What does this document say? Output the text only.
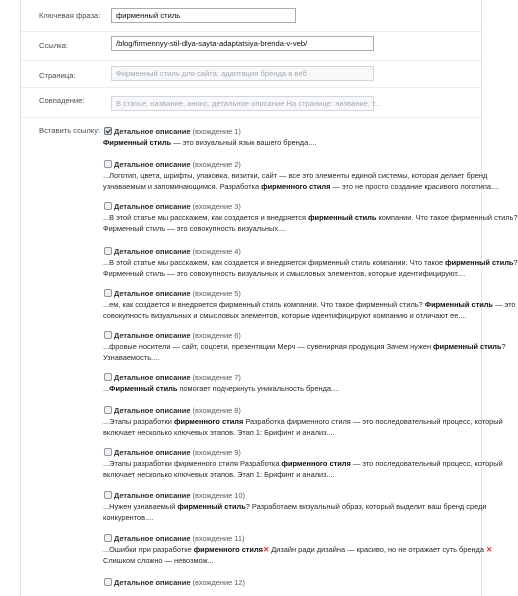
Ключевая фраза:	фирменный стиль
Ссылка:	/blog/firmennyy-stil-dlya-sayta-adaptatsiya-brenda-v-veb/
Страница:	Фирменный стиль для сайта: адаптация бренда в веб
Совпадение:	В статье: название, анонс, детальное описание На странице: название, т...
Вставить ссылку:	Детальное описание (вхождение 1)
Фирменный стиль — это визуальный язык вашего бренда....
Детальное описание (вхождение 2)
...Логотип, цвета, шрифты, упаковка, визитки, сайт — все это элементы единой системы, которая делает бренд
узнаваемым и запоминающимся. Разработка фирменного стиля — это не просто создание красивого логотипа....
Детальное описание (вхождение 3)
...В этой статье мы расскажем, как создается и внедряется фирменный стиль компании. Что такое фирменный стиль?
Фирменный стиль — это совокупность визуальных....
Детальное описание (вхождение 4)
...В этой статье мы расскажем, как создается и внедряется фирменный стиль компании. Что такое фирменный стиль?
Фирменный стиль — это совокупность визуальных и смысловых элементов, которые идентифицируют....
Детальное описание (вхождение 5)
...ем, как создается и внедряется фирменный стиль компании. Что такое фирменный стиль? Фирменный стиль — это
совокупность визуальных и смысловых элементов, которые идентифицируют компанию и отличают ее....
Детальное описание (вхождение 6)
...фровые носители — сайт, соцсети, презентации Мерч — сувенирная продукция Зачем нужен фирменный стиль?
Узнаваемость....
Детальное описание (вхождение 7)
...Фирменный стиль помогает подчеркнуть уникальность бренда....
Детальное описание (вхождение 8)
...Этапы разработки фирменного стиля Разработка фирменного стиля — это последовательный процесс, который
включает несколько ключевых этапов. Этап 1: Брифинг и анализ....
Детальное описание (вхождение 9)
...Этапы разработки фирменного стиля Разработка фирменного стиля — это последовательный процесс, который
включает несколько ключевых этапов. Этап 1: Брифинг и анализ....
Детальное описание (вхождение 10)
...Нужен узнаваемый фирменный стиль? Разработаем визуальный образ, который выделит ваш бренд среди
конкурентов....
Детальное описание (вхождение 11)
...Ошибки при разработке фирменного стиля✕ Дизайн ради дизайна — красиво, но не отражает суть бренда ✕
Слишком сложно — невозмож...
Детальное описание (вхождение 12)
